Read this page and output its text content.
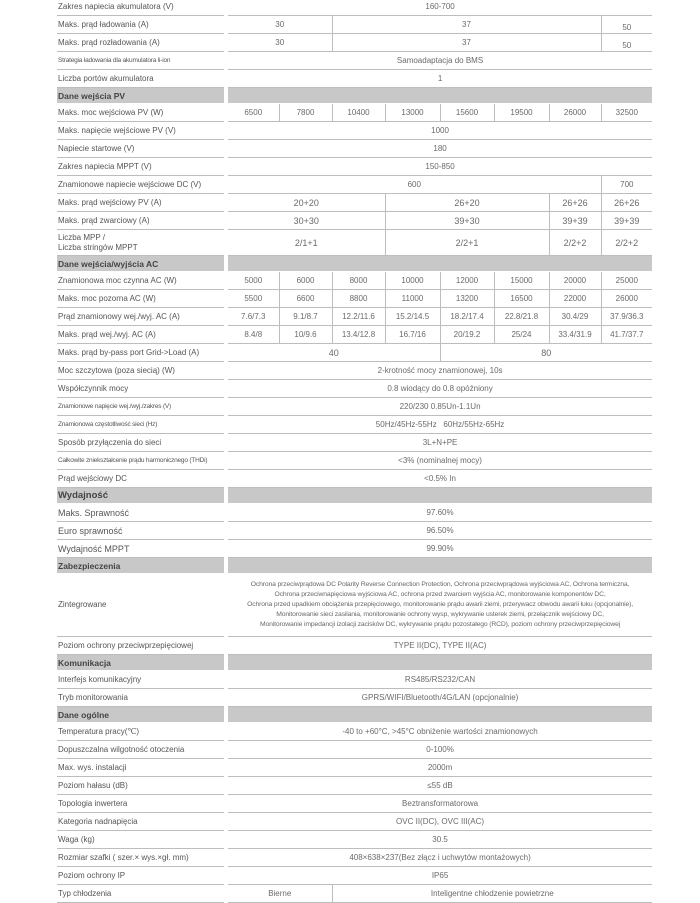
Zakres napiecia akumulatora (V)	160-700							
Maks. prąd ładowania (A)	30		37					50
Maks. prąd rozładowania (A)	30		37					50
Strategia ładowania dla akumulatora li-ion	Samoadaptacja do BMS							
Liczba portów akumulatora	1							
Dane wejścia PV								
Maks. moc wejściowa PV (W)	6500	7800	10400	13000	15600	19500	26000	32500
Maks. napięcie wejściowe PV (V)	1000							
Napiecie startowe (V)	180							
Zakres napiecia MPPT (V)	150-850							
Znamionowe napiecie wejściowe DC (V)	600							700
Maks. prąd wejściowy PV (A)	20+20			26+20			26+26	26+26
Maks. prąd zwarciowy (A)	30+30			39+30			39+39	39+39

Liczba MPP /
Liczba stringów MPPT	2/1+1			2/2+1			2/2+2	2/2+2
Dane wejścia/wyjścia AC								
Znamionowa moc czynna AC (W)	5000	6000	8000	10000	12000	15000	20000	25000
Maks. moc pozorna AC (W)	5500	6600	8800	11000	13200	16500	22000	26000
Prąd znamionowy wej./wyj. AC (A)	7.6/7.3	9.1/8.7	12.2/11.6	15.2/14.5	18.2/17.4	22.8/21.8	30.4/29	37.9/36.3
Maks. prąd wej./wyj. AC (A)	8.4/8	10/9.6	13.4/12.8	16.7/16	20/19.2	25/24	33.4/31.9	41.7/37.7
Maks. prąd by-pass port Grid->Load (A)	40				80			
Moc szczytowa (poza siecią) (W)	2-krotność mocy znamionowej, 10s							
Współczynnik mocy	0.8 wiodący do 0.8 opóźniony							
Znamionowe napięcie wej./wyj./zakres (V)	220/230 0.85Un-1.1Un							
Znamionowa częstotliwość sieci (Hz)	50Hz/45Hz-55Hz   60Hz/55Hz-65Hz							
Sposób przyłączenia do sieci	3L+N+PE							
Całkowite zniekształcenie prądu harmonicznego (THDi)	<3% (nominalnej mocy)							
Prąd wejściowy DC	<0.5% In							
Wydajność								
Maks. Sprawność	97.60%							
Euro sprawność	96.50%							
Wydajność MPPT	99.90%							
Zabezpieczenia								
Zintegrowane	Ochrona przeciwprądowa DC Polarity Reverse Connection Protection, Ochrona przeciwprądowa wyjściowa AC, Ochrona termiczna,
Ochrona przeciwnapięciowa wyjściowa AC, ochrona przed zwarciem wyjścia AC, monitorowanie komponentów DC,
Ochrona przed upadkiem obciążenia przepięciowego, monitorowanie prądu awarii ziemi, przerywacz obwodu awarii łuku (opcjonalnie),
Monitorowanie sieci zasilania, monitorowanie ochrony wysp, wykrywanie usterek ziemi, przełącznik wejściowy DC,
Monitorowanie impedancji izolacji zacisków DC, wykrywanie prądu pozostałego (RCD), poziom ochrony przeciwprzepięciowej							

Poziom ochrony przeciwprzepięciowej	TYPE II(DC), TYPE II(AC)							
Komunikacja								
Interfejs komunikacyjny	RS485/RS232/CAN							
Tryb monitorowania	GPRS/WIFI/Bluetooth/4G/LAN (opcjonalnie)							
Dane ogólne								
Temperatura pracy(℃)	-40 to +60°C, >45°C obniżenie wartości znamionowych							
Dopuszczalna wilgotność otoczenia	0-100%							
Max. wys. instalacji	2000m							
Poziom hałasu (dB)	≤55 dB							
Topologia inwertera	Beztransformatorowa							
Kategoria nadnapięcia	OVC II(DC), OVC III(AC)							
Waga (kg)	30.5							
Rozmiar szafki ( szer.× wys.×gł. mm)	408×638×237(Bez złącz i uchwytów montażowych)							
Poziom ochrony IP	IP65							
Typ chłodzenia	Bierne		Inteligentne chłodzenie powietrzne					
